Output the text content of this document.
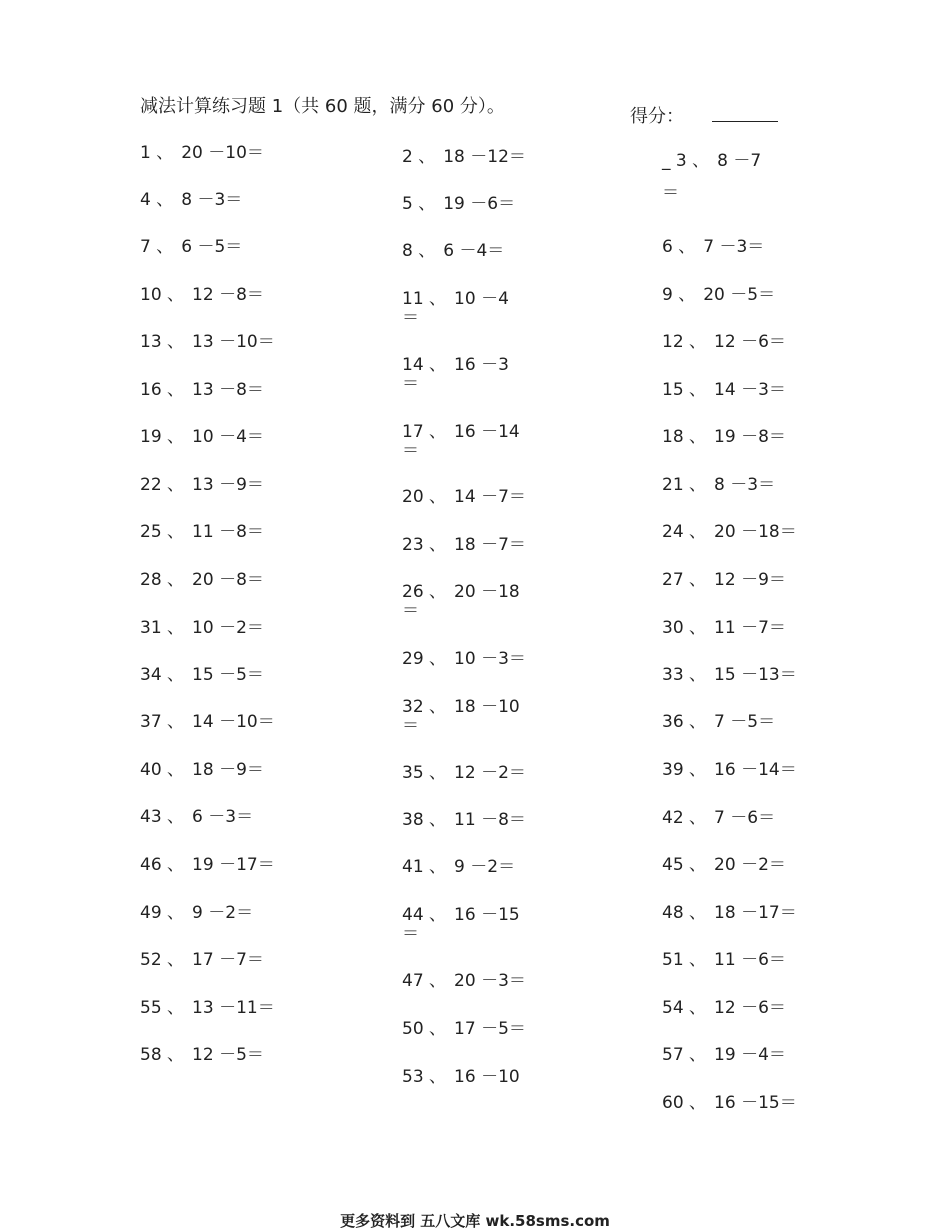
减法计算练习题 1（共 60 题，满分 60 分）。	得分：
1 、 20 －10＝
4 、 8 －3＝
7 、 6 －5＝
10 、 12 －8＝
13 、 13 －10＝
16 、 13 －8＝
19 、 10 －4＝
22 、 13 －9＝
25 、 11 －8＝
28 、 20 －8＝
31 、 10 －2＝
34 、 15 －5＝
37 、 14 －10＝
40 、 18 －9＝
43 、 6 －3＝
46 、 19 －17＝
49 、 9 －2＝
52 、 17 －7＝
55 、 13 －11＝
58 、 12 －5＝
2 、 18 －12＝
5 、 19 －6＝
8 、 6 －4＝
11 、 10 －4
＝
14 、 16 －3
＝
17 、 16 －14
＝
20 、 14 －7＝
23 、 18 －7＝
26 、 20 －18
＝
29 、 10 －3＝
32 、 18 －10
＝
35 、 12 －2＝
38 、 11 －8＝
41 、 9 －2＝
44 、 16 －15
＝
47 、 20 －3＝
50 、 17 －5＝
53 、 16 －10
_ 3 、 8 －7
＝
6 、 7 －3＝
9 、 20 －5＝
12 、 12 －6＝
15 、 14 －3＝
18 、 19 －8＝
21 、 8 －3＝
24 、 20 －18＝
27 、 12 －9＝
30 、 11 －7＝
33 、 15 －13＝
36 、 7 －5＝
39 、 16 －14＝
42 、 7 －6＝
45 、 20 －2＝
48 、 18 －17＝
51 、 11 －6＝
54 、 12 －6＝
57 、 19 －4＝
60 、 16 －15＝
更多资料到 五八文库 wk.58sms.com
